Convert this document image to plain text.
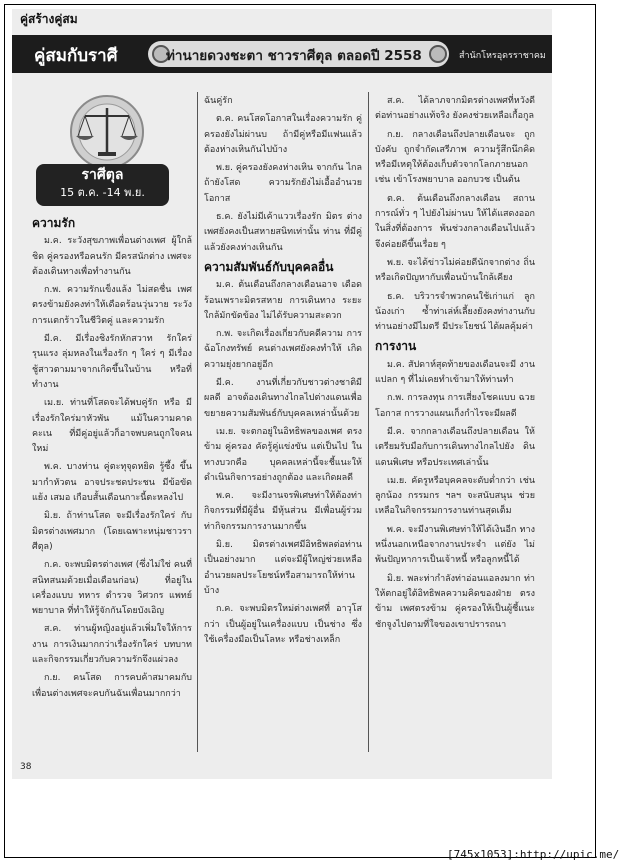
คู่สร้างคู่สม
คู่สมกับราศี	ท่านายดวงชะตา ชาวราศีตุล ตลอดปี 2558	สำนักโหรอุดรราชาคม
ราศีตุล
15 ต.ค. -14 พ.ย.
ความรัก

ม.ค. ระวังสุขภาพเพื่อนต่างเพศ ผู้ใกล้ชิด คู่ครองหรือคนรัก มีครสนักต่าง เพศจะต้องเดินทางเพื่อทำงานกัน

ก.พ. ความรักแข็งแล้ง ไม่สดชื่น เพศตรงข้ามยังคงท่าให้เดือดร้อนวุ่นวาย ระวังการแตกร้าวในชีวิตคู่ และความรัก

มี.ค. มีเรื่องชิงรักหักสวาท รักใคร่ รุนแรง ลุ่มหลงในเรื่องรัก ๆ ใคร่ ๆ มีเรื่อง ชู้สาวตามมาจากเกิดขึ้นในบ้าน หรือที่ทำงาน

เม.ย. ท่านที่โสดจะได้พบคู่รัก หรือ มีเรื่องรักใคร่มาหัวพัน แม้ในความคาดคะเน ที่มีคู่อยู่แล้วก็อาจพบคนถูกใจคนใหม่

พ.ค. บางท่าน คู่ตะทุจุดหยิด รู้ซึ้ง ขึ้นมากำหัวตน อาจประชดประชน มีข้อขัดแย้ง เสมอ เกือบสั้นเดือนกาะนี้ตะหลงไป

มิ.ย. ถ้าท่านโสด จะมีเรื่องรักใคร่ กับมิตรต่างเพศมาก (โดยเฉพาะหนุ่มชาวราศีตุล)

ก.ค. จะพบมิตรต่างเพศ (ซึ่งไม่ใช่ คนที่สนิทสนมด้วยเมื่อเดือนก่อน) ที่อยู่ใน เครื่องแบบ ทหาร ตำรวจ วิศวกร แพทย์ พยาบาล ที่ทำให้รู้จักกันโดยบังเอิญ

ส.ค. ท่านผู้หญิงอยู่แล้วเพิ่มใจให้การ งาน การเงินมากกว่าเรื่องรักใคร่ บทบาท และกิจกรรมเกี่ยวกับความรักจึงแผ่วลง

ก.ย. คนโสด การคบค้าสมาคมกับ เพื่อนต่างเพศจะคบกันฉันเพื่อนมากกว่า

ฉันคู่รัก

ต.ค. คนโสดโอกาสในเรื่องความรัก คู่ครองยังไม่ผ่านบ ถ้ามีคู่หรือมีแฟนแล้ว ต้องห่างเหินกันไปบ้าง

พ.ย. คู่ครองยังคงห่างเหิน จากกัน ไกล ถ้ายังโสด ความรักยังไม่เอื้ออำนวย โอกาส

ธ.ค. ยังไม่มีเค้าแววเรื่องรัก มิตร ต่างเพศยังคงเป็นสหายสนิทเท่านั้น ท่าน ที่มีคู่แล้วยังคงห่างเหินกัน

ความสัมพันธ์กับบุคคลอื่น

ม.ค. ต้นเดือนถึงกลางเดือนอาจ เดือดร้อนเพราะมิตรสหาย การเดินทาง ระยะใกล้มักขัดข้อง ไม่ได้รับความสะดวก

ก.พ. จะเกิดเรื่องเกี่ยวกับคดีความ การฉ้อโกงทรัพย์ คนต่างเพศยังคงทำให้ เกิดความยุ่งยากอยู่อีก

มี.ค. งานที่เกี่ยวกับชาวต่างชาติมี ผลดี อาจต้องเดินทางไกลไปต่างแดนเพื่อ ขยายความสัมพันธ์กับบุคคลเหล่านั้นด้วย

เม.ย. จะตกอยู่ในอิทธิพลของเพศ ตรงข้าม คู่ครอง คัดรู้คู่แข่งขัน แต่เป็นไป ในทางบวกคือ บุคคลเหล่านี้จะชี้แนะให้ ดำเนินกิจการอย่างถูกต้อง และเกิดผลดี

พ.ค. จะมีงานจรพิเศษท่าให้ต้องท่า กิจกรรมที่มีผู้อื่น มีหุ้นส่วน มีเพื่อนผู้ร่วม ท่ากิจกรรมการงานมากขึ้น

มิ.ย. มิตรต่างเพศมีอิทธิพลต่อท่าน เป็นอย่างมาก แต่จะมีผู้ใหญ่ช่วยเหลือ อำนวยผลประโยชน์หรือสามารถให้ท่านบ้าง

ก.ค. จะพบมิตรใหม่ต่างเพศที่ อาวุโสกว่า เป็นผู้อยู่ในเครื่องแบบ เป็นช่าง ซึ่งใช้เครื่องมือเป็นโลหะ หรือช่างเหล็ก

ส.ค. ได้ลาภจากมิตรต่างเพศที่หวังดี ต่อท่านอย่างแท้จริง ยังคงช่วยเหลือเกื้อกูล

ก.ย. กลางเดือนถึงปลายเดือนจะ ถูกบังคับ ถูกจำกัดเสรีภาพ ความรู้สึกนึกคิด หรือมีเหตุให้ต้องเก็บตัวจากโลกภายนอก เช่น เข้าโรงพยาบาล ออกบวช เป็นต้น

ต.ค. ต้นเดือนถึงกลางเดือน สถาน การณ์ทั่ว ๆ ไปยังไม่ผ่านบ ให้ได้แสดงออก ในสิ่งที่ต้องการ พ้นช่วงกลางเดือนไปแล้ว จึงค่อยดีขึ้นเรื่อย ๆ

พ.ย. จะได้ข่าวไม่ค่อยดีนักจากต่าง ถิ่น หรือเกิดปัญหากับเพื่อนบ้านใกล้เคียง

ธ.ค. บริวารจำพวกคนใช้เก่าแก่ ลูกน้องเก่า ซ้ำท่าเล่ห์เลี้ยงยังคงท่างานกับ ท่านอย่างมีไมตรี มีประโยชน์ ได้ผลคุ้มค่า

การงาน

ม.ค. สัปดาห์สุดท้ายของเดือนจะมี งานแปลก ๆ ที่ไม่เคยทำเข้ามาให้ท่านทำ

ก.พ. การลงทุน การเสี่ยงโชคแบบ ฉวยโอกาส การวางแผนเก็งกำไรจะมีผลดี

มี.ค. จากกลางเดือนถึงปลายเดือน ให้เตรียมรับมือกับการเดินทางไกลไปยัง ดินแดนพิเศษ หรือประเทศเล่านั้น

เม.ย. คัดรูหรือบุคคลจะดับต่ำกว่า เช่น ลูกน้อง กรรมกร ฯลฯ จะสนับสนุน ช่วยเหลือในกิจกรรมการงานท่านสุดเต็ม

พ.ค. จะมีงานพิเศษท่าให้ได้เงินอีก ทางหนึ่งนอกเหนือจากงานประจำ แต่ยัง ไม่พ้นปัญหาการเป็นเจ้าหนี้ หรือลูกหนี้ได้

มิ.ย. พละท่ากำลังท่าอ่อนแอลงมาก ท่าให้ตกอยู่ใต้อิทธิพลความคิดของฝ่าย ตรงข้าม เพศตรงข้าม คู่ครองให้เป็นผู้ชี้แนะ ชักจูงไปตามที่ใจของเขาปรารถนา

38
[745x1053]:http://upic.me/
